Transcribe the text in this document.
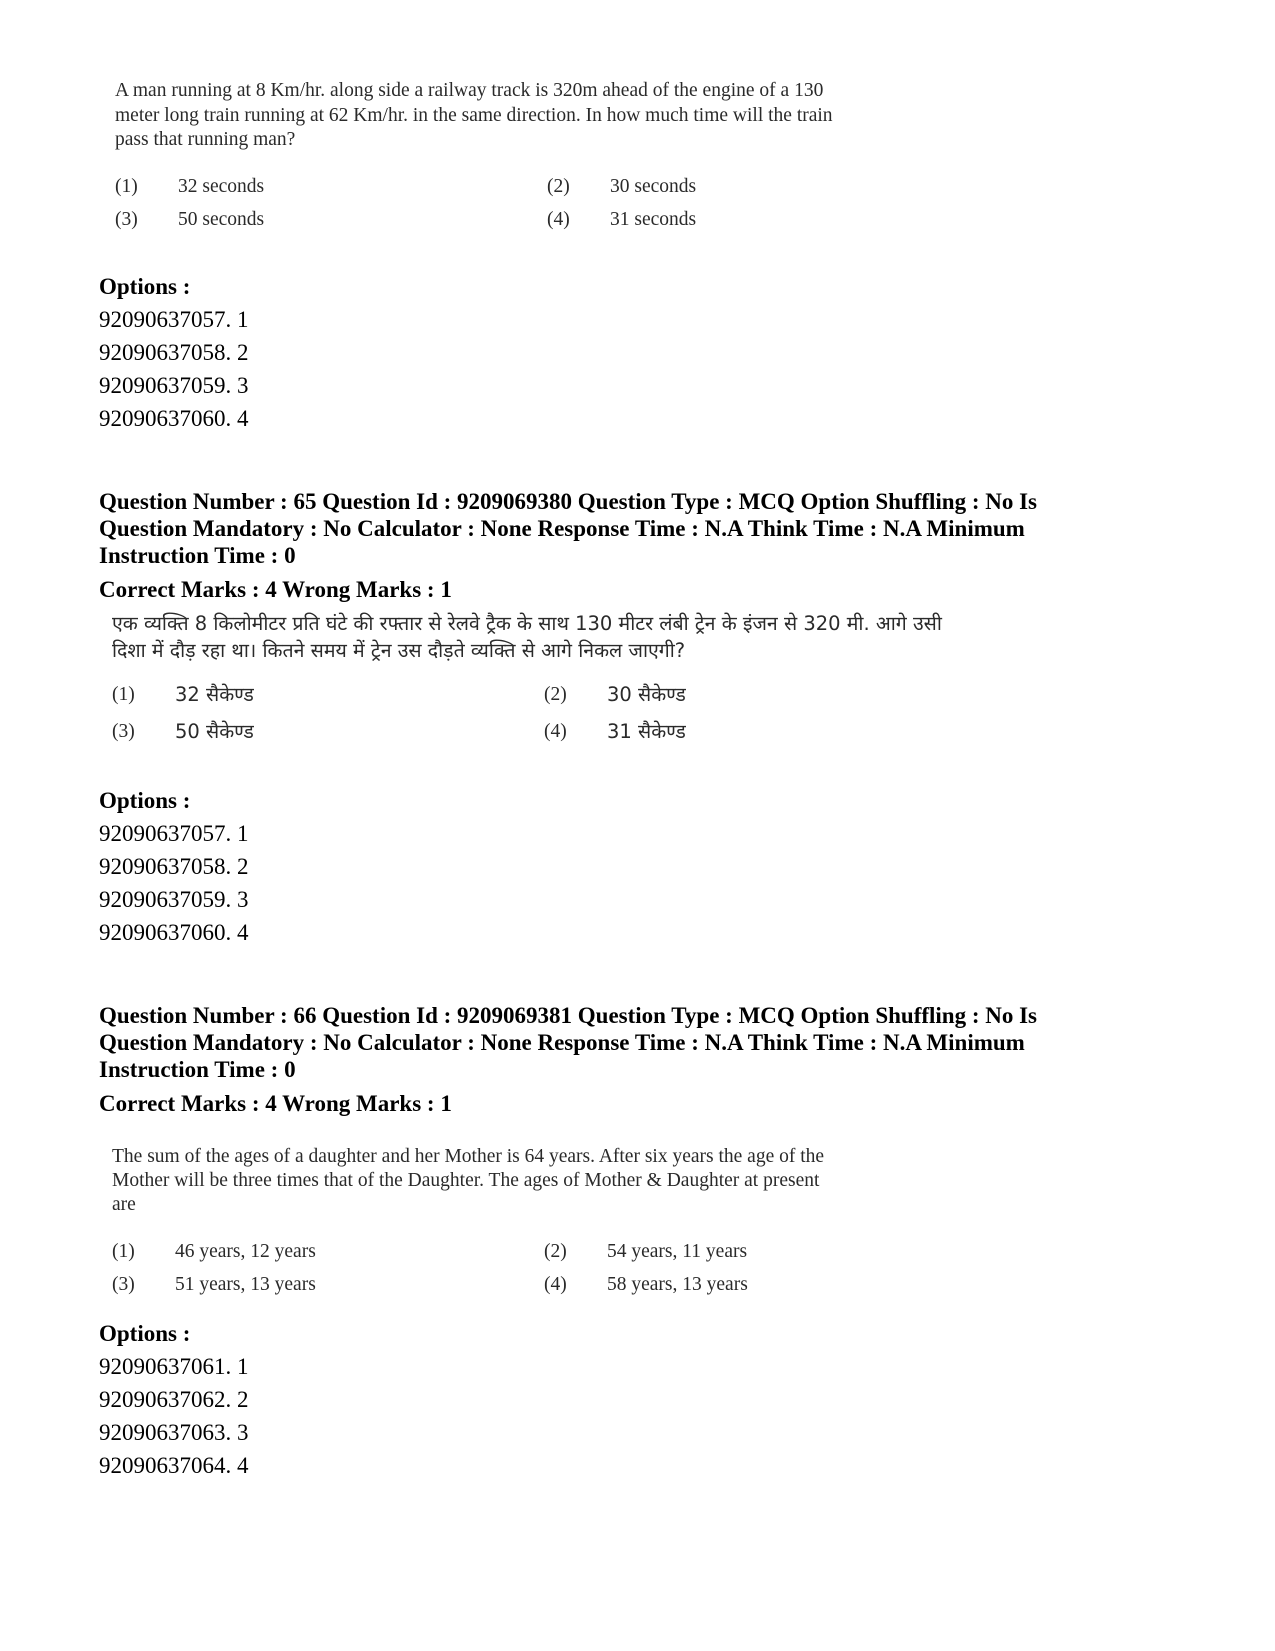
A man running at 8 Km/hr. along side a railway track is 320m ahead of the engine of a 130
meter long train running at 62 Km/hr. in the same direction. In how much time will the train
pass that running man?
(1) 32 seconds	(2) 30 seconds
(3) 50 seconds	(4) 31 seconds
Options :
92090637057. 1
92090637058. 2
92090637059. 3
92090637060. 4
Question Number : 65 Question Id : 9209069380 Question Type : MCQ Option Shuffling : No Is
Question Mandatory : No Calculator : None Response Time : N.A Think Time : N.A Minimum
Instruction Time : 0
Correct Marks : 4 Wrong Marks : 1
एक व्यक्ति 8 किलोमीटर प्रति घंटे की रफ्तार से रेलवे ट्रैक के साथ 130 मीटर लंबी ट्रेन के इंजन से 320 मी. आगे उसी
दिशा में दौड़ रहा था। कितने समय में ट्रेन उस दौड़ते व्यक्ति से आगे निकल जाएगी?
(1) 32 सैकेण्ड	(2) 30 सैकेण्ड
(3) 50 सैकेण्ड	(4) 31 सैकेण्ड
Options :
92090637057. 1
92090637058. 2
92090637059. 3
92090637060. 4
Question Number : 66 Question Id : 9209069381 Question Type : MCQ Option Shuffling : No Is
Question Mandatory : No Calculator : None Response Time : N.A Think Time : N.A Minimum
Instruction Time : 0
Correct Marks : 4 Wrong Marks : 1
The sum of the ages of a daughter and her Mother is 64 years. After six years the age of the
Mother will be three times that of the Daughter. The ages of Mother & Daughter at present
are
(1) 46 years, 12 years	(2) 54 years, 11 years
(3) 51 years, 13 years	(4) 58 years, 13 years
Options :
92090637061. 1
92090637062. 2
92090637063. 3
92090637064. 4
